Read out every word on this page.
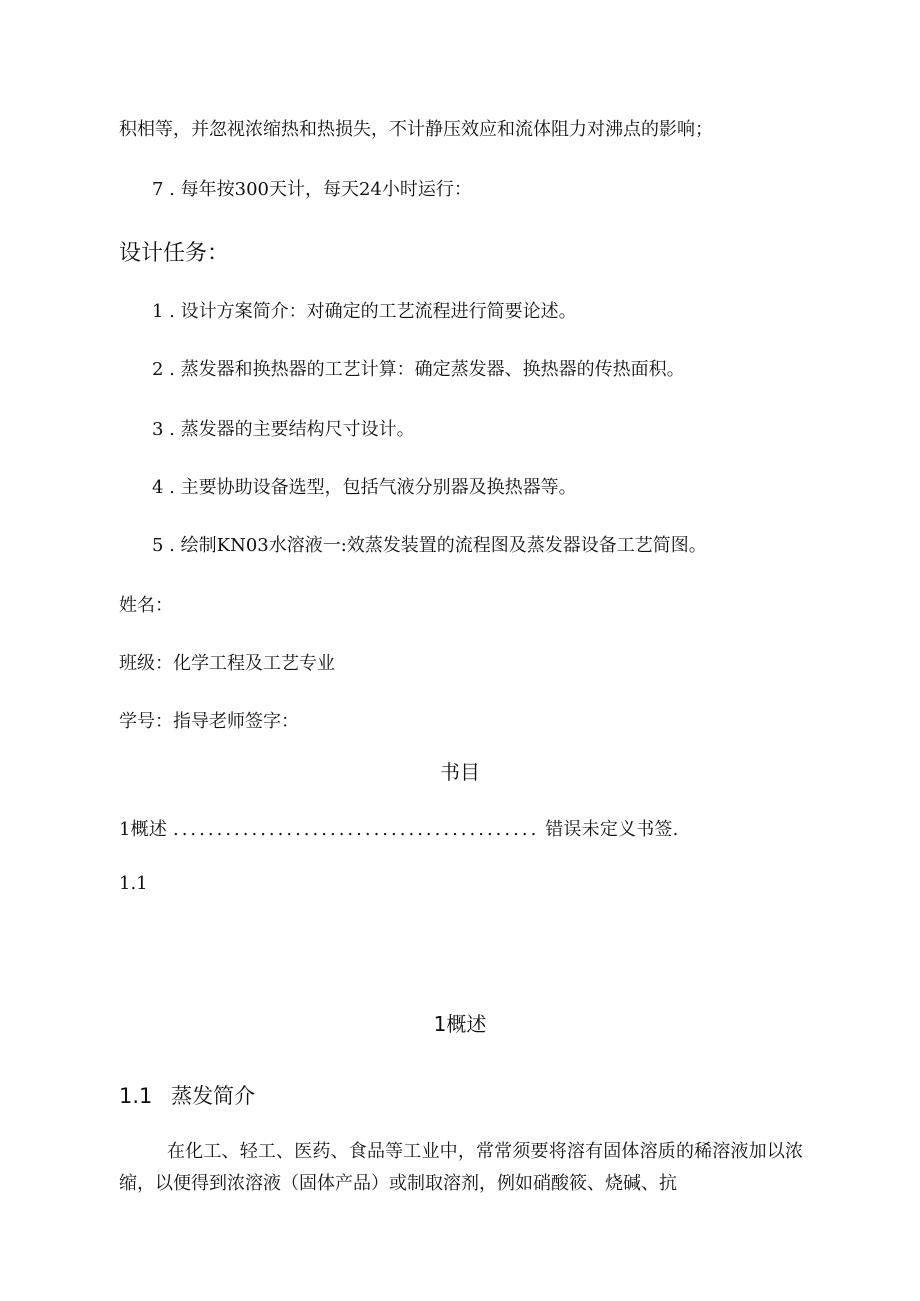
积相等，并忽视浓缩热和热损失，不计静压效应和流体阻力对沸点的影响；
7 . 每年按300天计，每天24小时运行：
设计任务：
1 . 设计方案简介：对确定的工艺流程进行简要论述。
2 . 蒸发器和换热器的工艺计算：确定蒸发器、换热器的传热面积。
3 . 蒸发器的主要结构尺寸设计。
4 . 主要协助设备选型，包括气液分别器及换热器等。
5 . 绘制KN03水溶液一:效蒸发装置的流程图及蒸发器设备工艺简图。
姓名：
班级：化学工程及工艺专业
学号：指导老师签字：
书目
1概述 .......................................... 错误未定义书签.
1.1
1概述
1.1 蒸发简介

在化工、轻工、医药、食品等工业中，常常须要将溶有固体溶质的稀溶液加以浓缩，以便得到浓溶液（固体产品）或制取溶剂，例如硝酸筱、烧碱、抗
